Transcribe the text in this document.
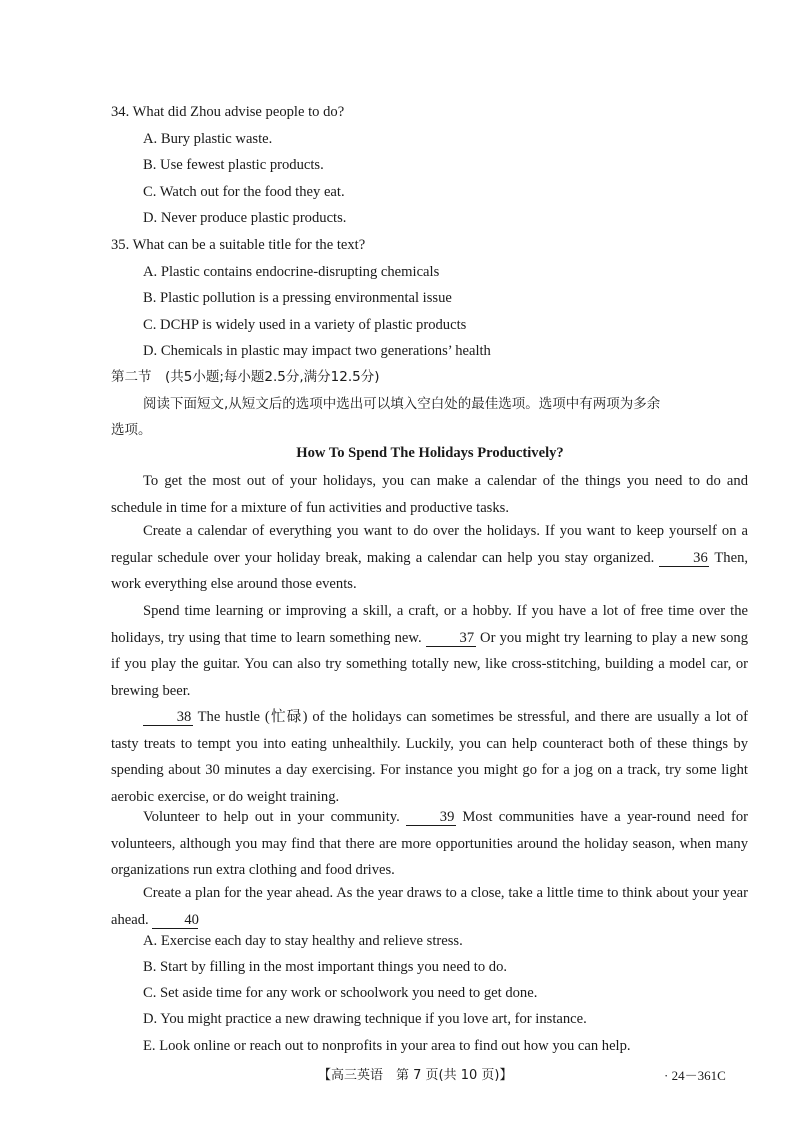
34. What did Zhou advise people to do?
A. Bury plastic waste.
B. Use fewest plastic products.
C. Watch out for the food they eat.
D. Never produce plastic products.
35. What can be a suitable title for the text?
A. Plastic contains endocrine-disrupting chemicals
B. Plastic pollution is a pressing environmental issue
C. DCHP is widely used in a variety of plastic products
D. Chemicals in plastic may impact two generations’ health
第二节　(共5小题;每小题2.5分,满分12.5分)
阅读下面短文,从短文后的选项中选出可以填入空白处的最佳选项。选项中有两项为多余
选项。
How To Spend The Holidays Productively?
To get the most out of your holidays, you can make a calendar of the things you need to do and schedule in time for a mixture of fun activities and productive tasks.
Create a calendar of everything you want to do over the holidays. If you want to keep yourself on a regular schedule over your holiday break, making a calendar can help you stay organized.	36 Then, work everything else around those events.
Spend time learning or improving a skill, a craft, or a hobby. If you have a lot of free time over the holidays, try using that time to learn something new.	37 Or you might try learning to play a new song if you play the guitar. You can also try something totally new, like cross-stitching, building a model car, or brewing beer.
38 The hustle (忙碌) of the holidays can sometimes be stressful, and there are usually a lot of tasty treats to tempt you into eating unhealthily. Luckily, you can help counteract both of these things by spending about 30 minutes a day exercising. For instance you might go for a jog on a track, try some light aerobic exercise, or do weight training.
Volunteer to help out in your community.	39 Most communities have a year-round need for volunteers, although you may find that there are more opportunities around the holiday season, when many organizations run extra clothing and food drives.
Create a plan for the year ahead. As the year draws to a close, take a little time to think about your year ahead. 40
A. Exercise each day to stay healthy and relieve stress.
B. Start by filling in the most important things you need to do.
C. Set aside time for any work or schoolwork you need to get done.
D. You might practice a new drawing technique if you love art, for instance.
E. Look online or reach out to nonprofits in your area to find out how you can help.
【高三英语　第 7 页(共 10 页)】	· 24－361C
